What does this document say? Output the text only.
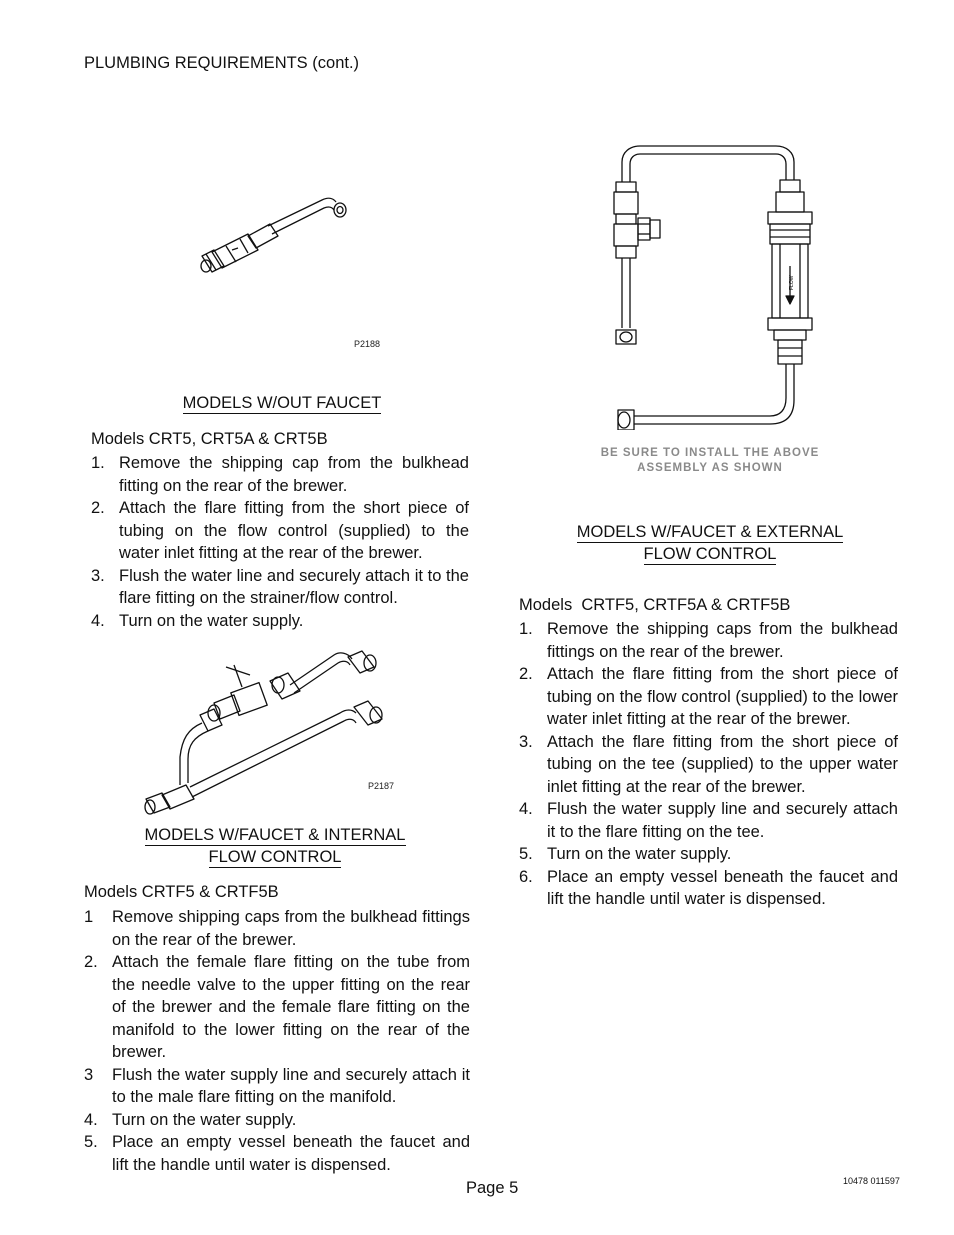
PLUMBING REQUIREMENTS (cont.)
P2188
MODELS W/OUT FAUCET
Models CRT5, CRT5A & CRT5B
1. Remove the shipping cap from the bulkhead fitting on the rear of the brewer.
2. Attach the flare fitting from the short piece of tubing on the flow control (supplied) to the water inlet fitting at the rear of the brewer.
3. Flush the water line and securely attach it to the flare fitting on the strainer/flow control.
4. Turn on the water supply.
P2187
MODELS W/FAUCET & INTERNAL
FLOW CONTROL
Models CRTF5 & CRTF5B
1 Remove shipping caps from the bulkhead fittings on the rear of the brewer.
2. Attach the female flare fitting on the tube from the needle valve to the upper fitting on the rear of the brewer and the female flare fitting on the manifold to the lower fitting on the rear of the brewer.
3 Flush the water supply line and securely attach it to the male flare fitting on the manifold.
4. Turn on the water supply.
5. Place an empty vessel beneath the faucet and lift the handle until water is dispensed.
FLOW
BE SURE TO INSTALL THE ABOVE
ASSEMBLY AS SHOWN
MODELS W/FAUCET & EXTERNAL
FLOW CONTROL
Models  CRTF5, CRTF5A & CRTF5B
1. Remove the shipping caps from the bulkhead fittings on the rear of the brewer.
2. Attach the flare fitting from the short piece of tubing on the flow control (supplied) to the lower water inlet fitting at the rear of the brewer.
3. Attach the flare fitting from the short piece of tubing on the tee (supplied) to the upper water inlet fitting at the rear of the brewer.
4. Flush the water supply line and securely attach it to the flare fitting on the tee.
5. Turn on the water supply.
6. Place an empty vessel beneath the faucet and lift the handle until water is dispensed.
Page 5	10478 011597
